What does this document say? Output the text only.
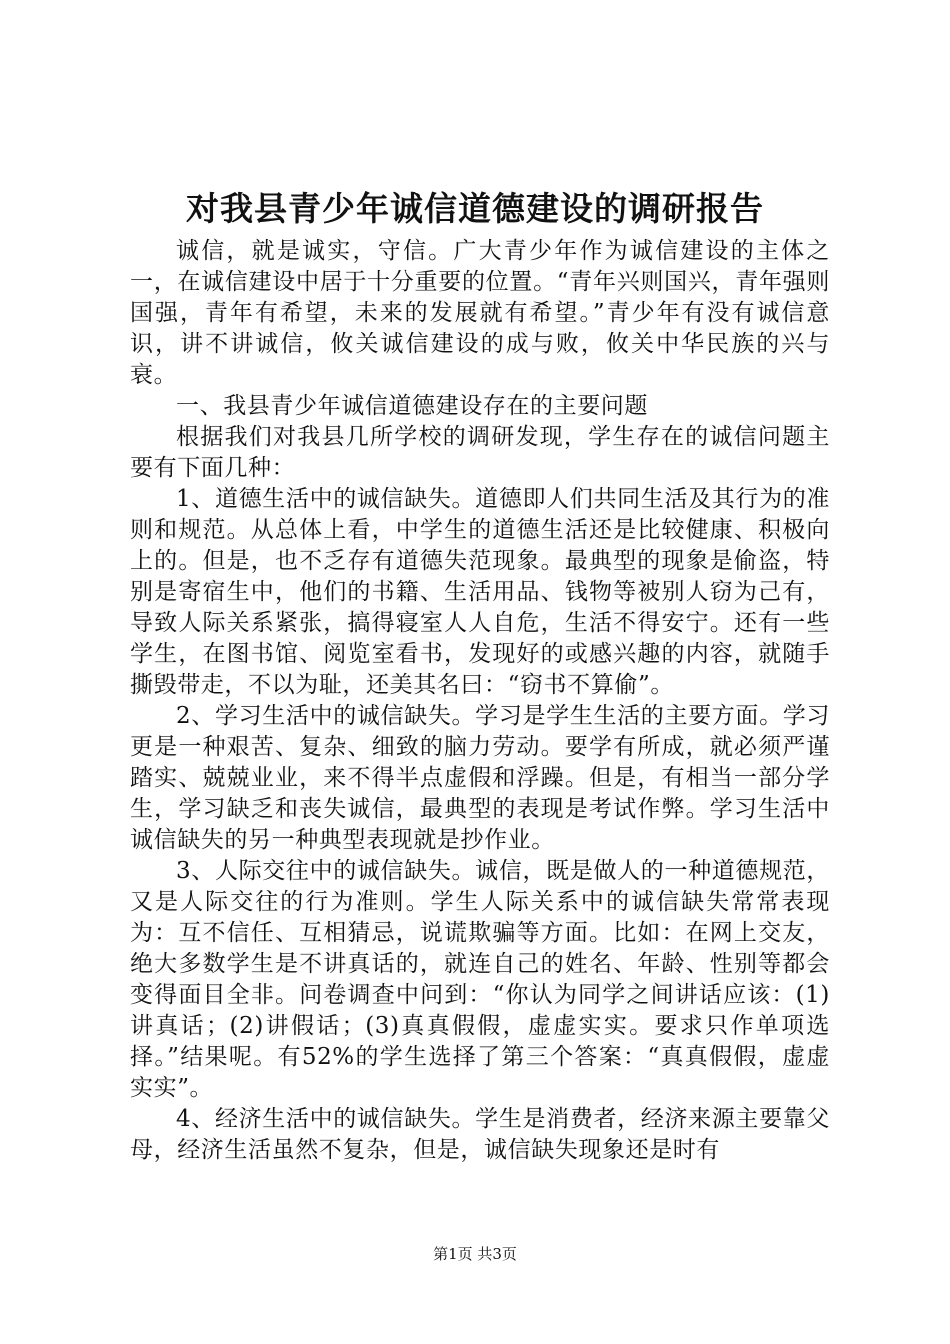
对我县青少年诚信道德建设的调研报告

诚信，就是诚实，守信。广大青少年作为诚信建设的主体之一，在诚信建设中居于十分重要的位置。“青年兴则国兴，青年强则国强，青年有希望，未来的发展就有希望。”青少年有没有诚信意识，讲不讲诚信，攸关诚信建设的成与败，攸关中华民族的兴与衰。

一、我县青少年诚信道德建设存在的主要问题

根据我们对我县几所学校的调研发现，学生存在的诚信问题主要有下面几种：

1、道德生活中的诚信缺失。道德即人们共同生活及其行为的准则和规范。从总体上看，中学生的道德生活还是比较健康、积极向上的。但是，也不乏存有道德失范现象。最典型的现象是偷盗，特别是寄宿生中，他们的书籍、生活用品、钱物等被别人窃为己有，导致人际关系紧张，搞得寝室人人自危，生活不得安宁。还有一些学生，在图书馆、阅览室看书，发现好的或感兴趣的内容，就随手撕毁带走，不以为耻，还美其名曰：“窃书不算偷”。

2、学习生活中的诚信缺失。学习是学生生活的主要方面。学习更是一种艰苦、复杂、细致的脑力劳动。要学有所成，就必须严谨踏实、兢兢业业，来不得半点虚假和浮躁。但是，有相当一部分学生，学习缺乏和丧失诚信，最典型的表现是考试作弊。学习生活中诚信缺失的另一种典型表现就是抄作业。

3、人际交往中的诚信缺失。诚信，既是做人的一种道德规范，又是人际交往的行为准则。学生人际关系中的诚信缺失常常表现为：互不信任、互相猜忌，说谎欺骗等方面。比如：在网上交友，绝大多数学生是不讲真话的，就连自己的姓名、年龄、性别等都会变得面目全非。问卷调查中问到：“你认为同学之间讲话应该：(1)讲真话；(2)讲假话；(3)真真假假，虚虚实实。要求只作单项选择。”结果呢。有52%的学生选择了第三个答案：“真真假假，虚虚实实”。

4、经济生活中的诚信缺失。学生是消费者，经济来源主要靠父母，经济生活虽然不复杂，但是，诚信缺失现象还是时有

第1页 共3页
